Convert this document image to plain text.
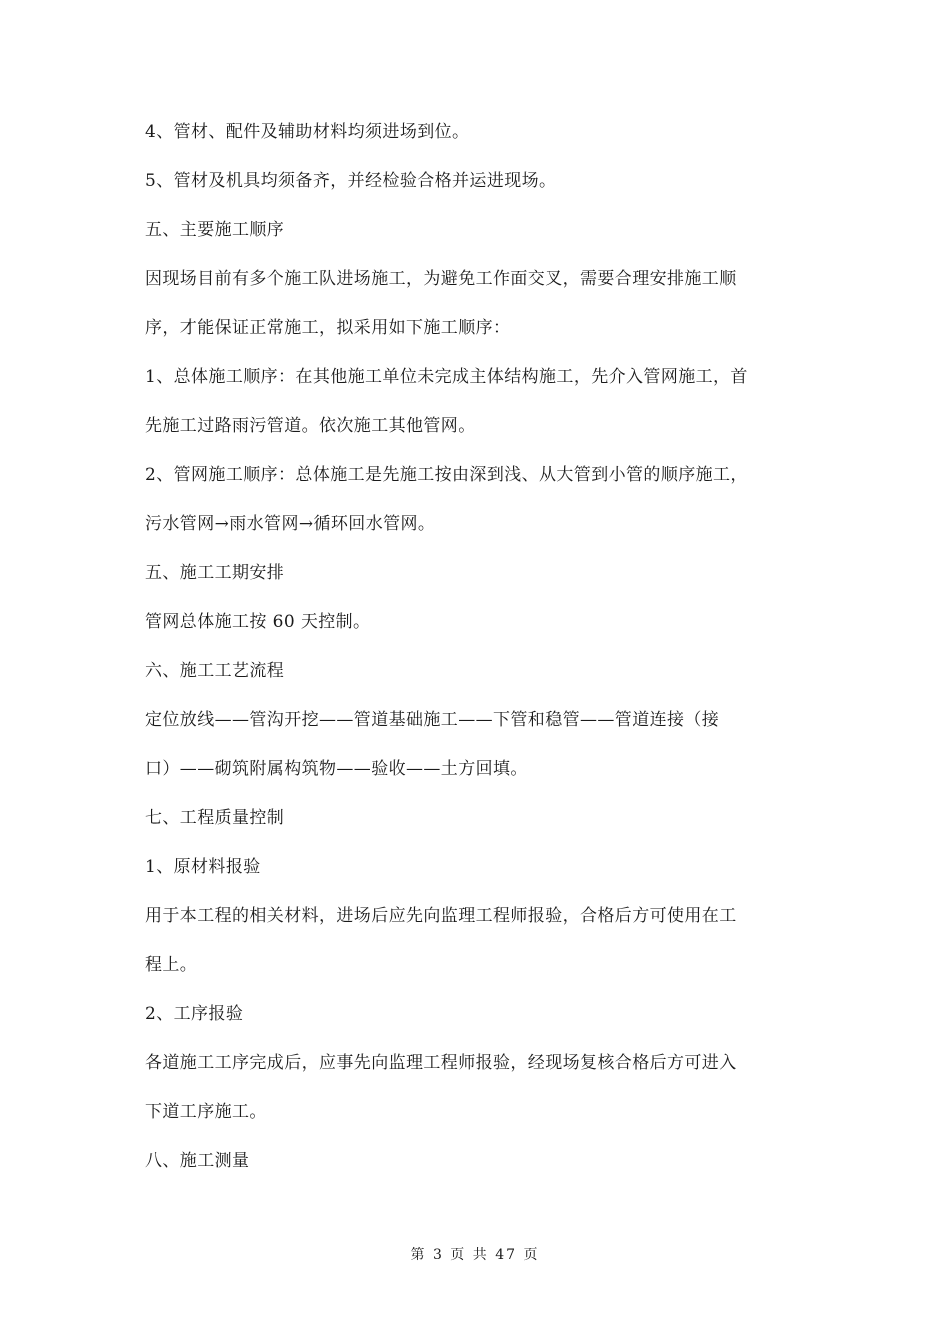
4、管材、配件及辅助材料均须进场到位。
5、管材及机具均须备齐，并经检验合格并运进现场。
五、主要施工顺序
因现场目前有多个施工队进场施工，为避免工作面交叉，需要合理安排施工顺
序，才能保证正常施工，拟采用如下施工顺序：
1、总体施工顺序：在其他施工单位未完成主体结构施工，先介入管网施工，首
先施工过路雨污管道。依次施工其他管网。
2、管网施工顺序：总体施工是先施工按由深到浅、从大管到小管的顺序施工，
污水管网→雨水管网→循环回水管网。
五、施工工期安排
管网总体施工按 60 天控制。
六、施工工艺流程
定位放线——管沟开挖——管道基础施工——下管和稳管——管道连接（接
口）——砌筑附属构筑物——验收——土方回填。
七、工程质量控制
1、原材料报验
用于本工程的相关材料，进场后应先向监理工程师报验，合格后方可使用在工
程上。
2、工序报验
各道施工工序完成后，应事先向监理工程师报验，经现场复核合格后方可进入
下道工序施工。
八、施工测量
第 3 页 共 47 页
